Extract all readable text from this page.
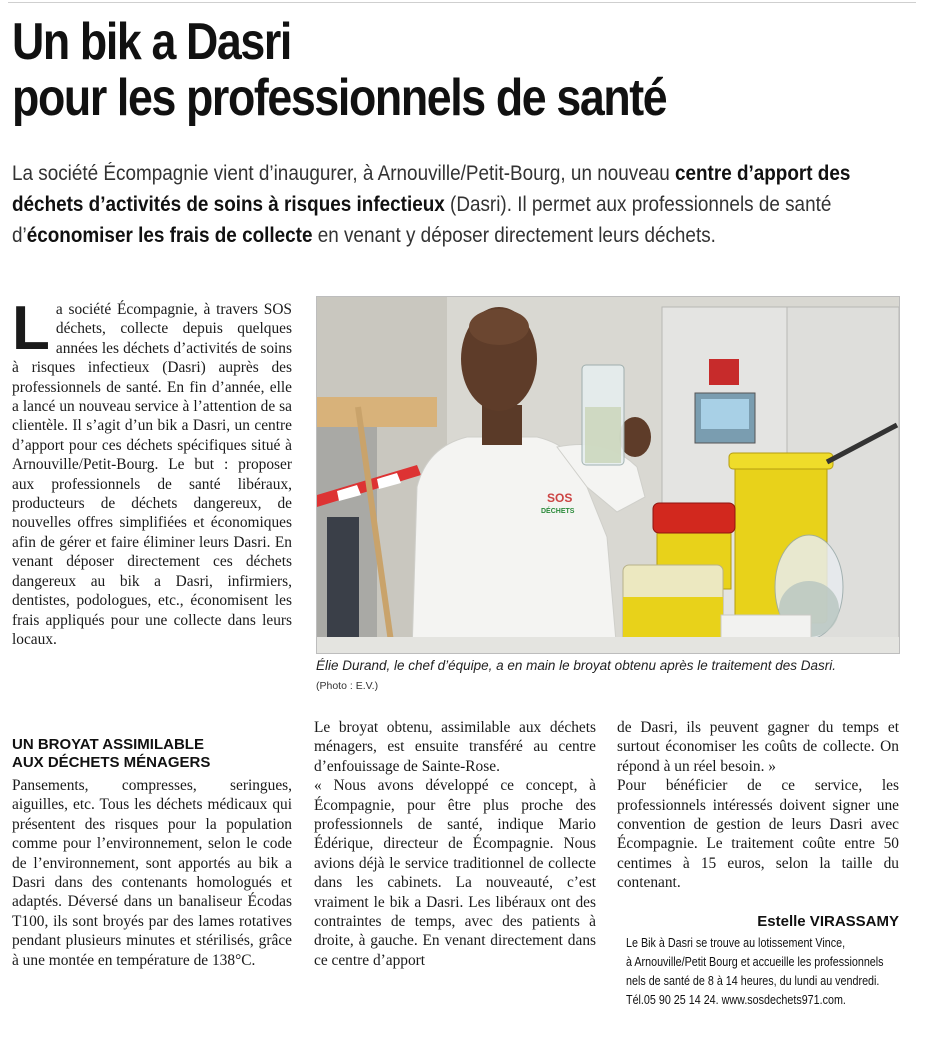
Un bik a Dasri
pour les professionnels de santé
La société Écompagnie vient d’inaugurer, à Arnouville/Petit-Bourg, un nouveau centre d’apport des déchets d’activités de soins à risques infectieux (Dasri). Il permet aux professionnels de santé d’économiser les frais de collecte en venant y déposer directement leurs déchets.

La société Écompagnie, à travers SOS déchets, collecte depuis quelques années les déchets d’activités de soins à risques infectieux (Dasri) auprès des professionnels de santé. En fin d’année, elle a lancé un nouveau service à l’attention de sa clientèle. Il s’agit d’un bik a Dasri, un centre d’apport pour ces déchets spécifiques situé à Arnouville/Petit-Bourg. Le but : proposer aux professionnels de santé libéraux, producteurs de déchets dangereux, de nouvelles offres simplifiées et économiques afin de gérer et faire éliminer leurs Dasri. En venant déposer directement ces déchets dangereux au bik a Dasri, infirmiers, dentistes, podologues, etc., économisent les frais appliqués pour une collecte dans leurs locaux.

UN BROYAT ASSIMILABLE
AUX DÉCHETS MÉNAGERS

Pansements, compresses, seringues, aiguilles, etc. Tous les déchets médicaux qui présentent des risques pour la population comme pour l’environnement, selon le code de l’environnement, sont apportés au bik a Dasri dans des contenants homologués et adaptés. Déversé dans un banaliseur Écodas T100, ils sont broyés par des lames rotatives pendant plusieurs minutes et stérilisés, grâce à une montée en température de 138°C.

SOS
DÉCHETS
Élie Durand, le chef d’équipe, a en main le broyat obtenu après le traitement des Dasri.
(Photo : E.V.)

Le broyat obtenu, assimilable aux déchets ménagers, est ensuite transféré au centre d’enfouissage de Sainte-Rose.

« Nous avons développé ce concept, à Écompagnie, pour être plus proche des professionnels de santé, indique Mario Édérique, directeur de Écompagnie. Nous avions déjà le service traditionnel de collecte dans les cabinets. La nouveauté, c’est vraiment le bik a Dasri. Les libéraux ont des contraintes de temps, avec des patients à droite, à gauche. En venant directement dans ce centre d’apport

de Dasri, ils peuvent gagner du temps et surtout économiser les coûts de collecte. On répond à un réel besoin. »

Pour bénéficier de ce service, les professionnels intéressés doivent signer une convention de gestion de leurs Dasri avec Écompagnie. Le traitement coûte entre 50 centimes à 15 euros, selon la taille du contenant.

Estelle VIRASSAMY
Le Bik à Dasri se trouve au lotissement Vince,
à Arnouville/Petit Bourg et accueille les professionnels
nels de santé de 8 à 14 heures, du lundi au vendredi.
Tél.05 90 25 14 24. www.sosdechets971.com.
